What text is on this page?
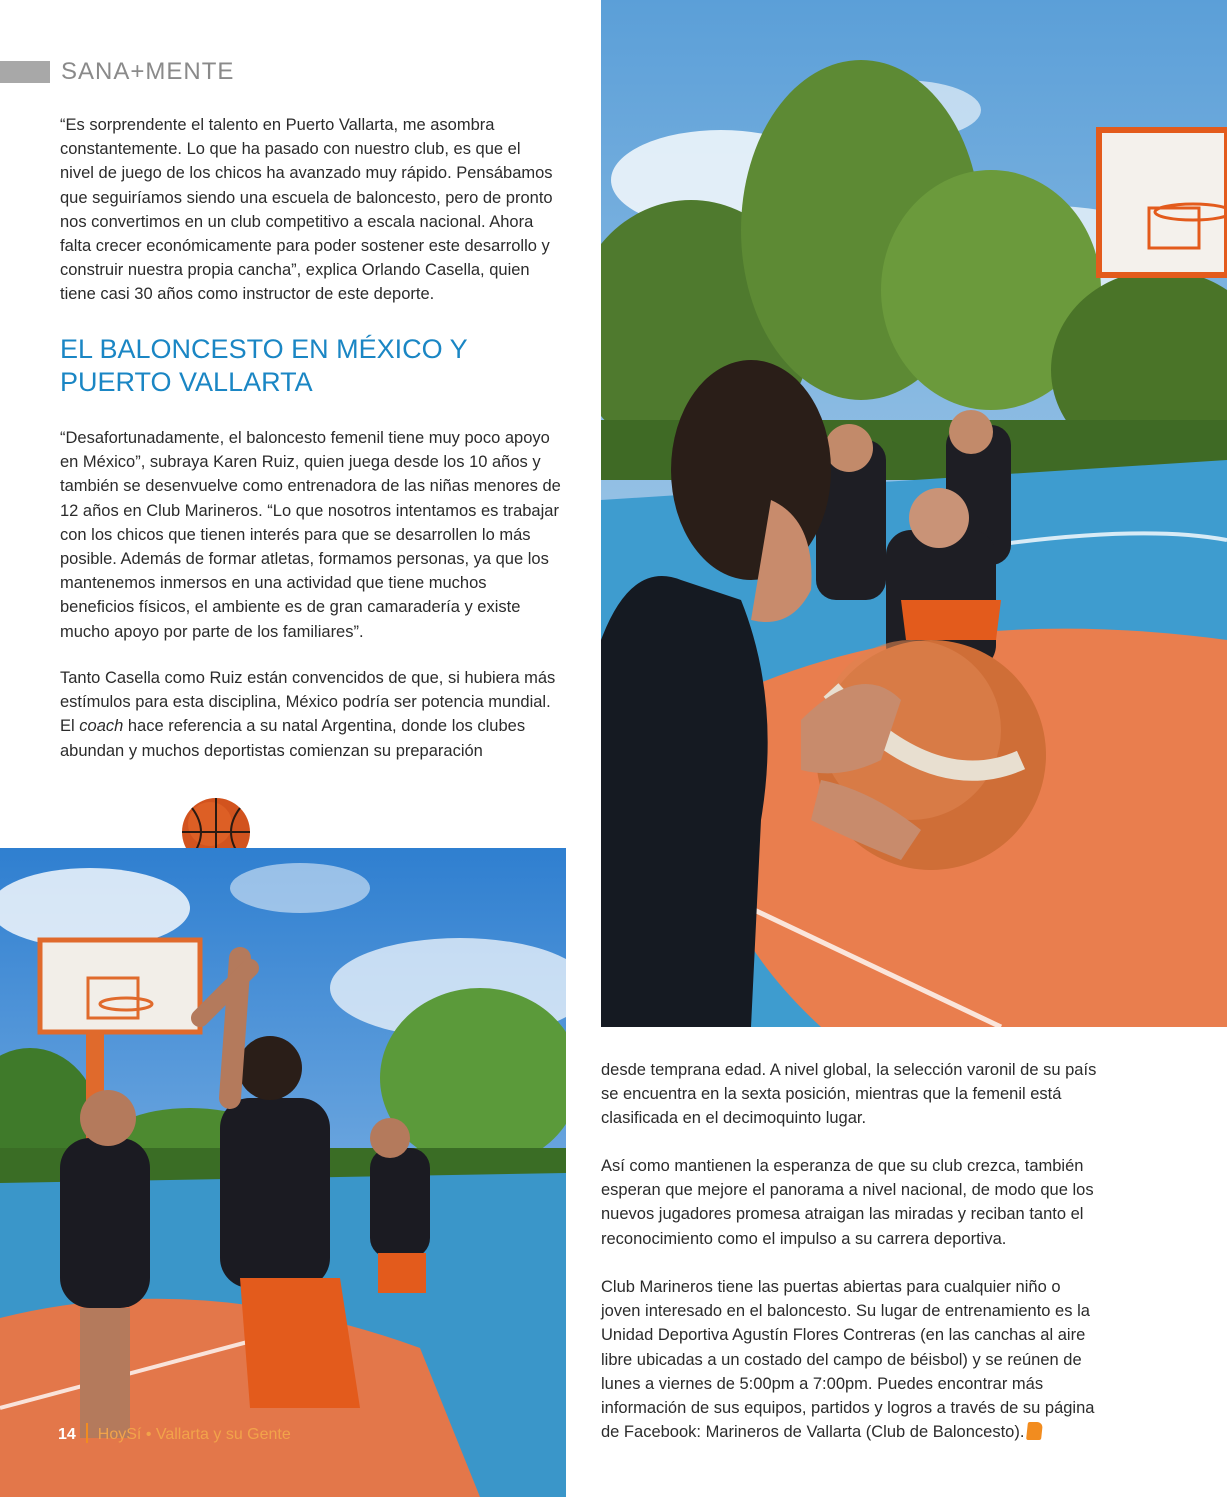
SANA+MENTE

“Es sorprendente el talento en Puerto Vallarta, me asombra constantemente. Lo que ha pasado con nuestro club, es que el nivel de juego de los chicos ha avanzado muy rápido. Pensábamos que seguiríamos siendo una escuela de baloncesto, pero de pronto nos convertimos en un club competitivo a escala nacional. Ahora falta crecer económicamente para poder sostener este desarrollo y construir nuestra propia cancha”, explica Orlando Casella, quien tiene casi 30 años como instructor de este deporte.

EL BALONCESTO EN MÉXICO Y PUERTO VALLARTA

“Desafortunadamente, el baloncesto femenil tiene muy poco apoyo en México”, subraya Karen Ruiz, quien juega desde los 10 años y también se desenvuelve como entrenadora de las niñas menores de 12 años en Club Marineros. “Lo que nosotros intentamos es trabajar con los chicos que tienen interés para que se desarrollen lo más posible. Además de formar atletas, formamos personas, ya que los mantenemos inmersos en una actividad que tiene muchos beneficios físicos, el ambiente es de gran camaradería y existe mucho apoyo por parte de los familiares”.

Tanto Casella como Ruiz están convencidos de que, si hubiera más estímulos para esta disciplina, México podría ser potencia mundial. El coach hace referencia a su natal Argentina, donde los clubes abundan y muchos deportistas comienzan su preparación

14 HoySí • Vallarta y su Gente

desde temprana edad. A nivel global, la selección varonil de su país se encuentra en la sexta posición, mientras que la femenil está clasificada en el decimoquinto lugar.

Así como mantienen la esperanza de que su club crezca, también esperan que mejore el panorama a nivel nacional, de modo que los nuevos jugadores promesa atraigan las miradas y reciban tanto el reconocimiento como el impulso a su carrera deportiva.

Club Marineros tiene las puertas abiertas para cualquier niño o joven interesado en el baloncesto. Su lugar de entrenamiento es la Unidad Deportiva Agustín Flores Contreras (en las canchas al aire libre ubicadas a un costado del campo de béisbol) y se reúnen de lunes a viernes de 5:00pm a 7:00pm. Puedes encontrar más información de sus equipos, partidos y logros a través de su página de Facebook: Marineros de Vallarta (Club de Baloncesto).
